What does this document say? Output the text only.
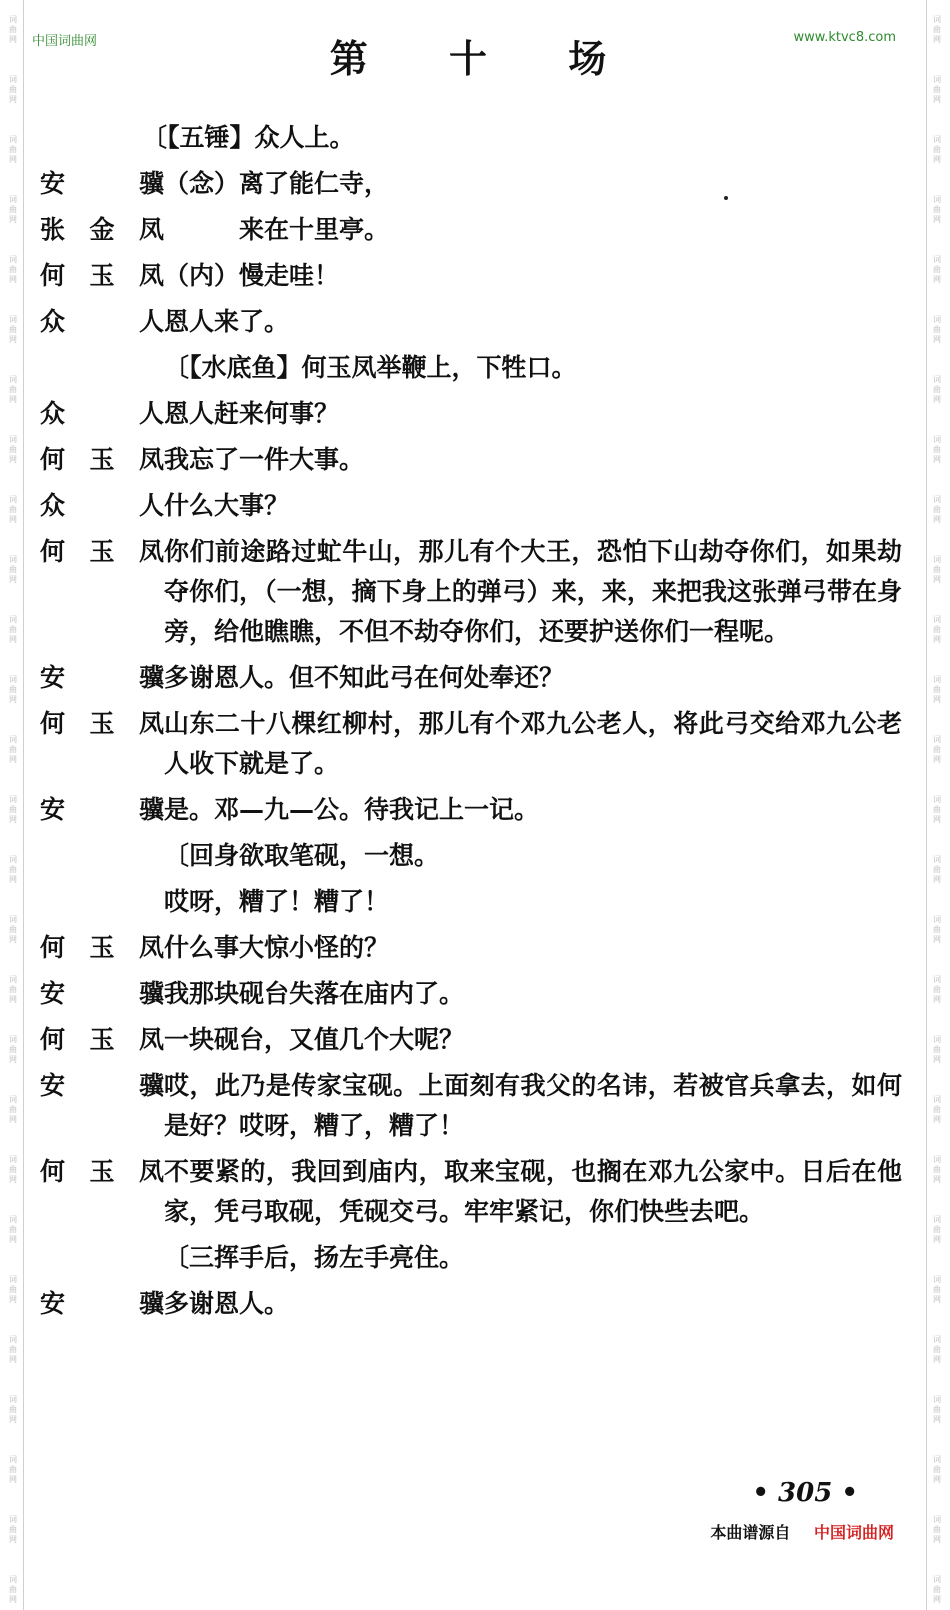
词
曲
网
词
曲
网
词
曲
网
词
曲
网
词
曲
网
词
曲
网
词
曲
网
词
曲
网
词
曲
网
词
曲
网
词
曲
网
词
曲
网
词
曲
网
词
曲
网
词
曲
网
词
曲
网
词
曲
网
词
曲
网
词
曲
网
词
曲
网
词
曲
网
词
曲
网
词
曲
网
词
曲
网
词
曲
网
词
曲
网
词
曲
网
词
曲
网
词
曲
网
词
曲
网
词
曲
网
词
曲
网
词
曲
网
词
曲
网
词
曲
网
词
曲
网
词
曲
网
词
曲
网
词
曲
网
词
曲
网
词
曲
网
词
曲
网
词
曲
网
词
曲
网
词
曲
网
词
曲
网
词
曲
网
词
曲
网
词
曲
网
词
曲
网
词
曲
网
词
曲
网
词
曲
网
词
曲
网
中国词曲网	www.ktvc8.com
第 十 场
〔【五锤】众人上。
安　骥 （念）离了能仁寺，
张金凤 　　　来在十里亭。
何玉凤 （内）慢走哇！
众　人 恩人来了。
〔【水底鱼】何玉凤举鞭上，下牲口。
众　人 恩人赶来何事？
何玉凤 我忘了一件大事。
众　人 什么大事？
何玉凤 你们前途路过虻牛山，那儿有个大王，恐怕下山劫夺你们，如果劫夺你们，（一想，摘下身上的弹弓）来，来，来把我这张弹弓带在身旁，给他瞧瞧，不但不劫夺你们，还要护送你们一程呢。
安　骥 多谢恩人。但不知此弓在何处奉还？
何玉凤 山东二十八棵红柳村，那儿有个邓九公老人，将此弓交给邓九公老人收下就是了。
安　骥 是。邓—九—公。待我记上一记。
〔回身欲取笔砚，一想。
哎呀，糟了！糟了！
何玉凤 什么事大惊小怪的？
安　骥 我那块砚台失落在庙内了。
何玉凤 一块砚台，又值几个大呢？
安　骥 哎，此乃是传家宝砚。上面刻有我父的名讳，若被官兵拿去，如何是好？哎呀，糟了，糟了！
何玉凤 不要紧的，我回到庙内，取来宝砚，也搁在邓九公家中。日后在他家，凭弓取砚，凭砚交弓。牢牢紧记，你们快些去吧。
〔三挥手后，扬左手亮住。
安　骥 多谢恩人。
• 305 •
本曲谱源自 中国词曲网
